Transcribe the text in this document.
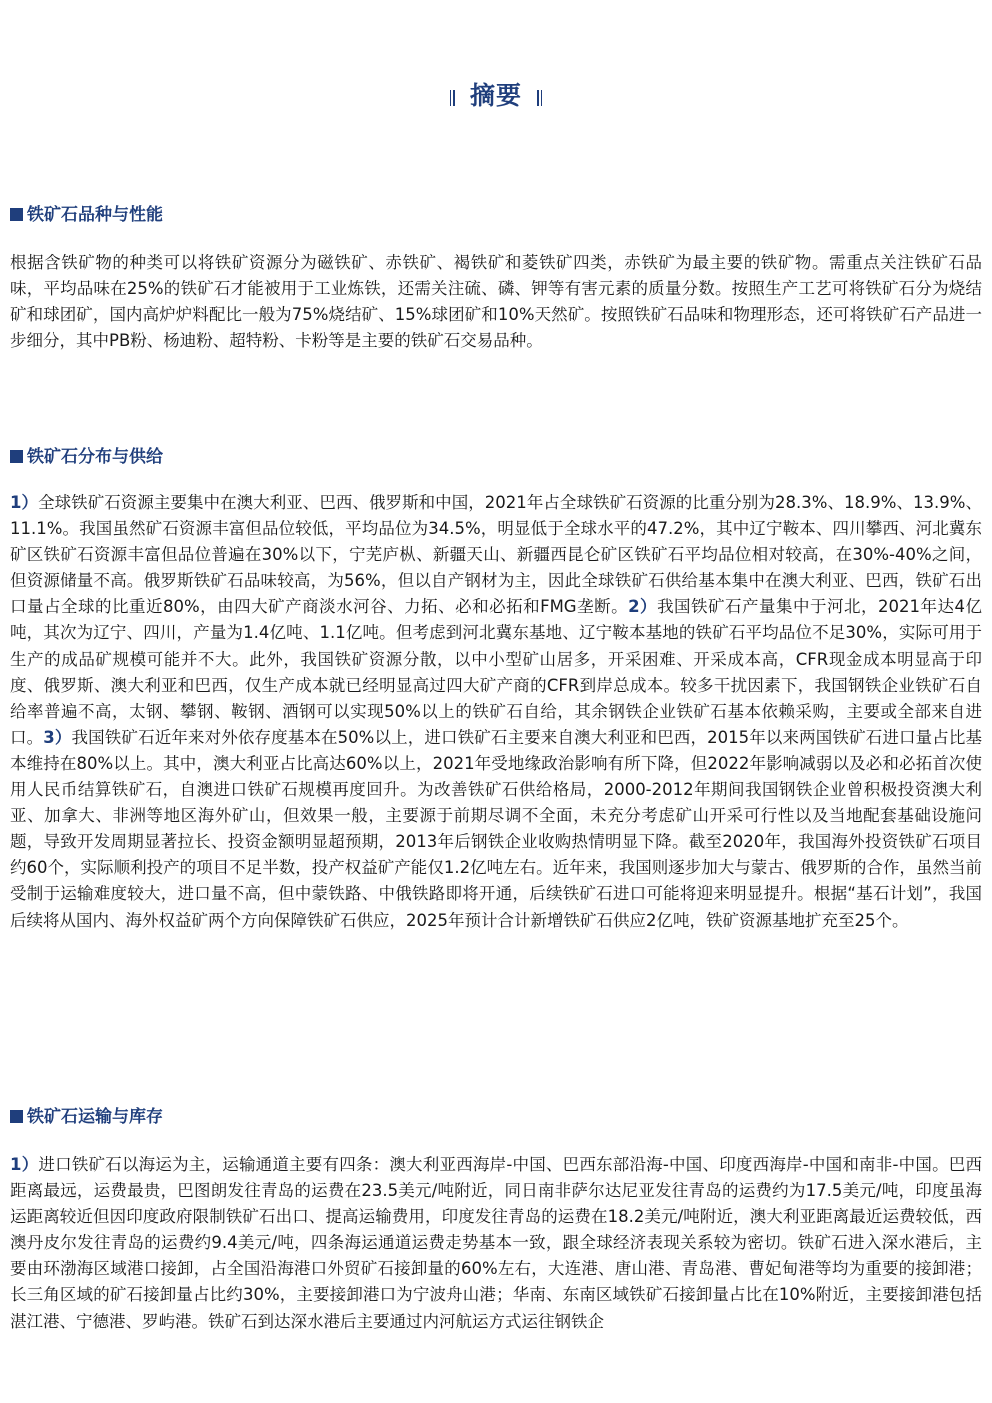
摘要
铁矿石品种与性能

根据含铁矿物的种类可以将铁矿资源分为磁铁矿、赤铁矿、褐铁矿和菱铁矿四类，赤铁矿为最主要的铁矿物。需重点关注铁矿石品味，平均品味在25%的铁矿石才能被用于工业炼铁，还需关注硫、磷、钾等有害元素的质量分数。按照生产工艺可将铁矿石分为烧结矿和球团矿，国内高炉炉料配比一般为75%烧结矿、15%球团矿和10%天然矿。按照铁矿石品味和物理形态，还可将铁矿石产品进一步细分，其中PB粉、杨迪粉、超特粉、卡粉等是主要的铁矿石交易品种。

铁矿石分布与供给

1）全球铁矿石资源主要集中在澳大利亚、巴西、俄罗斯和中国，2021年占全球铁矿石资源的比重分别为28.3%、18.9%、13.9%、11.1%。我国虽然矿石资源丰富但品位较低，平均品位为34.5%，明显低于全球水平的47.2%，其中辽宁鞍本、四川攀西、河北冀东矿区铁矿石资源丰富但品位普遍在30%以下，宁芜庐枞、新疆天山、新疆西昆仑矿区铁矿石平均品位相对较高，在30%-40%之间，但资源储量不高。俄罗斯铁矿石品味较高，为56%，但以自产钢材为主，因此全球铁矿石供给基本集中在澳大利亚、巴西，铁矿石出口量占全球的比重近80%，由四大矿产商淡水河谷、力拓、必和必拓和FMG垄断。2）我国铁矿石产量集中于河北，2021年达4亿吨，其次为辽宁、四川，产量为1.4亿吨、1.1亿吨。但考虑到河北冀东基地、辽宁鞍本基地的铁矿石平均品位不足30%，实际可用于生产的成品矿规模可能并不大。此外，我国铁矿资源分散，以中小型矿山居多，开采困难、开采成本高，CFR现金成本明显高于印度、俄罗斯、澳大利亚和巴西，仅生产成本就已经明显高过四大矿产商的CFR到岸总成本。较多干扰因素下，我国钢铁企业铁矿石自给率普遍不高，太钢、攀钢、鞍钢、酒钢可以实现50%以上的铁矿石自给，其余钢铁企业铁矿石基本依赖采购，主要或全部来自进口。3）我国铁矿石近年来对外依存度基本在50%以上，进口铁矿石主要来自澳大利亚和巴西，2015年以来两国铁矿石进口量占比基本维持在80%以上。其中，澳大利亚占比高达60%以上，2021年受地缘政治影响有所下降，但2022年影响减弱以及必和必拓首次使用人民币结算铁矿石，自澳进口铁矿石规模再度回升。为改善铁矿石供给格局，2000-2012年期间我国钢铁企业曾积极投资澳大利亚、加拿大、非洲等地区海外矿山，但效果一般，主要源于前期尽调不全面，未充分考虑矿山开采可行性以及当地配套基础设施问题，导致开发周期显著拉长、投资金额明显超预期，2013年后钢铁企业收购热情明显下降。截至2020年，我国海外投资铁矿石项目约60个，实际顺利投产的项目不足半数，投产权益矿产能仅1.2亿吨左右。近年来，我国则逐步加大与蒙古、俄罗斯的合作，虽然当前受制于运输难度较大，进口量不高，但中蒙铁路、中俄铁路即将开通，后续铁矿石进口可能将迎来明显提升。根据“基石计划”，我国后续将从国内、海外权益矿两个方向保障铁矿石供应，2025年预计合计新增铁矿石供应2亿吨，铁矿资源基地扩充至25个。

铁矿石运输与库存

1）进口铁矿石以海运为主，运输通道主要有四条：澳大利亚西海岸-中国、巴西东部沿海-中国、印度西海岸-中国和南非-中国。巴西距离最远，运费最贵，巴图朗发往青岛的运费在23.5美元/吨附近，同日南非萨尔达尼亚发往青岛的运费约为17.5美元/吨，印度虽海运距离较近但因印度政府限制铁矿石出口、提高运输费用，印度发往青岛的运费在18.2美元/吨附近，澳大利亚距离最近运费较低，西澳丹皮尔发往青岛的运费约9.4美元/吨，四条海运通道运费走势基本一致，跟全球经济表现关系较为密切。铁矿石进入深水港后，主要由环渤海区域港口接卸，占全国沿海港口外贸矿石接卸量的60%左右，大连港、唐山港、青岛港、曹妃甸港等均为重要的接卸港；长三角区域的矿石接卸量占比约30%，主要接卸港口为宁波舟山港；华南、东南区域铁矿石接卸量占比在10%附近，主要接卸港包括湛江港、宁德港、罗屿港。铁矿石到达深水港后主要通过内河航运方式运往钢铁企
